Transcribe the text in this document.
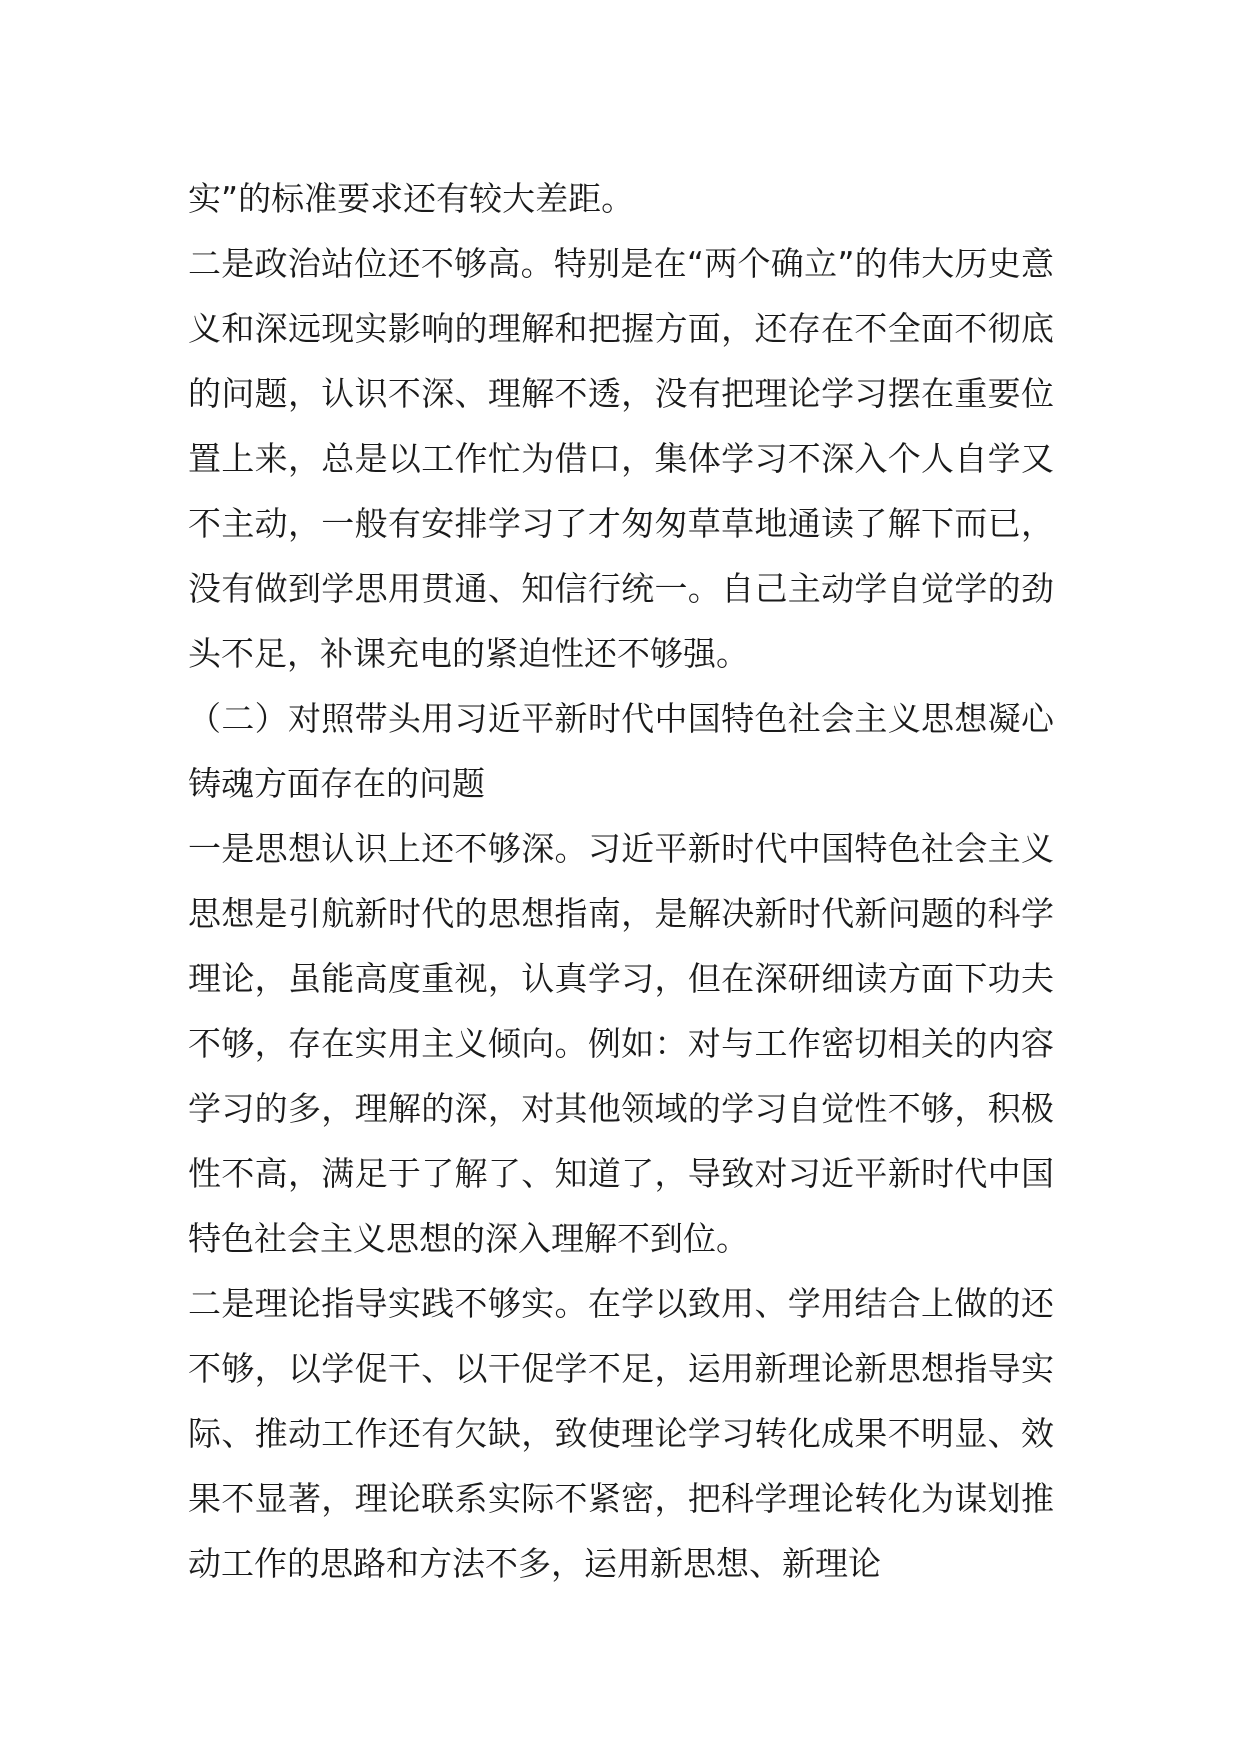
实”的标准要求还有较大差距。

二是政治站位还不够高。特别是在“两个确立”的伟大历史意义和深远现实影响的理解和把握方面，还存在不全面不彻底的问题，认识不深、理解不透，没有把理论学习摆在重要位置上来，总是以工作忙为借口，集体学习不深入个人自学又不主动，一般有安排学习了才匆匆草草地通读了解下而已，没有做到学思用贯通、知信行统一。自己主动学自觉学的劲头不足，补课充电的紧迫性还不够强。

（二）对照带头用习近平新时代中国特色社会主义思想凝心铸魂方面存在的问题

一是思想认识上还不够深。习近平新时代中国特色社会主义思想是引航新时代的思想指南，是解决新时代新问题的科学理论，虽能高度重视，认真学习，但在深研细读方面下功夫不够，存在实用主义倾向。例如：对与工作密切相关的内容学习的多，理解的深，对其他领域的学习自觉性不够，积极性不高，满足于了解了、知道了，导致对习近平新时代中国特色社会主义思想的深入理解不到位。

二是理论指导实践不够实。在学以致用、学用结合上做的还不够，以学促干、以干促学不足，运用新理论新思想指导实际、推动工作还有欠缺，致使理论学习转化成果不明显、效果不显著，理论联系实际不紧密，把科学理论转化为谋划推动工作的思路和方法不多，运用新思想、新理论
